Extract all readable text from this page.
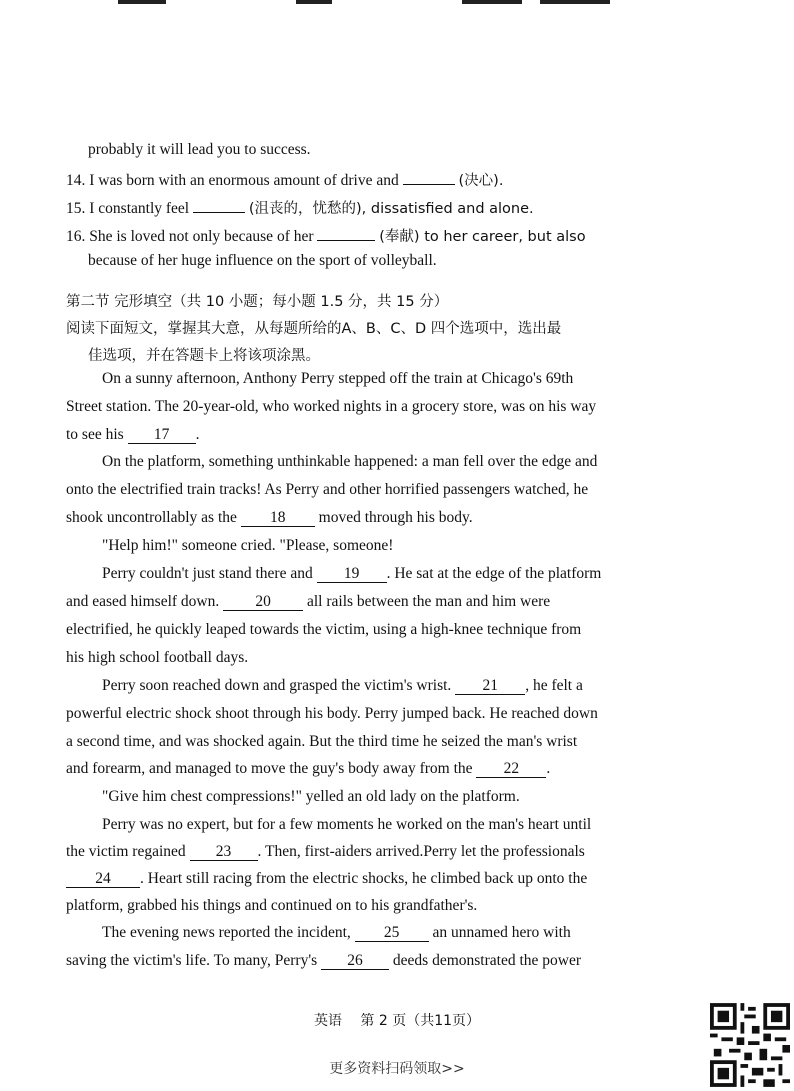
probably it will lead you to success.
14. I was born with an enormous amount of drive and	(决心).
15. I constantly feel	(沮丧的，忧愁的), dissatisfied and alone.
16. She is loved not only because of her	(奉献) to her career, but also
because of her huge influence on the sport of volleyball.
第二节 完形填空（共 10 小题；每小题 1.5 分，共 15 分）
阅读下面短文，掌握其大意，从每题所给的A、B、C、D 四个选项中，选出最
佳选项，并在答题卡上将该项涂黑。
On a sunny afternoon, Anthony Perry stepped off the train at Chicago's 69th
Street station. The 20-year-old, who worked nights in a grocery store, was on his way
to see his 17 .
On the platform, something unthinkable happened: a man fell over the edge and
onto the electrified train tracks! As Perry and other horrified passengers watched, he
shook uncontrollably as the 18 moved through his body.
"Help him!" someone cried. "Please, someone!
Perry couldn't just stand there and 19 . He sat at the edge of the platform
and eased himself down. 20 all rails between the man and him were
electrified, he quickly leaped towards the victim, using a high-knee technique from
his high school football days.
Perry soon reached down and grasped the victim's wrist. 21 , he felt a
powerful electric shock shoot through his body. Perry jumped back. He reached down
a second time, and was shocked again. But the third time he seized the man's wrist
and forearm, and managed to move the guy's body away from the 22 .
"Give him chest compressions!" yelled an old lady on the platform.
Perry was no expert, but for a few moments he worked on the man's heart until
the victim regained 23 . Then, first-aiders arrived.Perry let the professionals
24 . Heart still racing from the electric shocks, he climbed back up onto the
platform, grabbed his things and continued on to his grandfather's.
The evening news reported the incident, 25 an unnamed hero with
saving the victim's life. To many, Perry's 26 deeds demonstrated the power
英语　 第 2 页（共11页）
更多资料扫码领取>>
